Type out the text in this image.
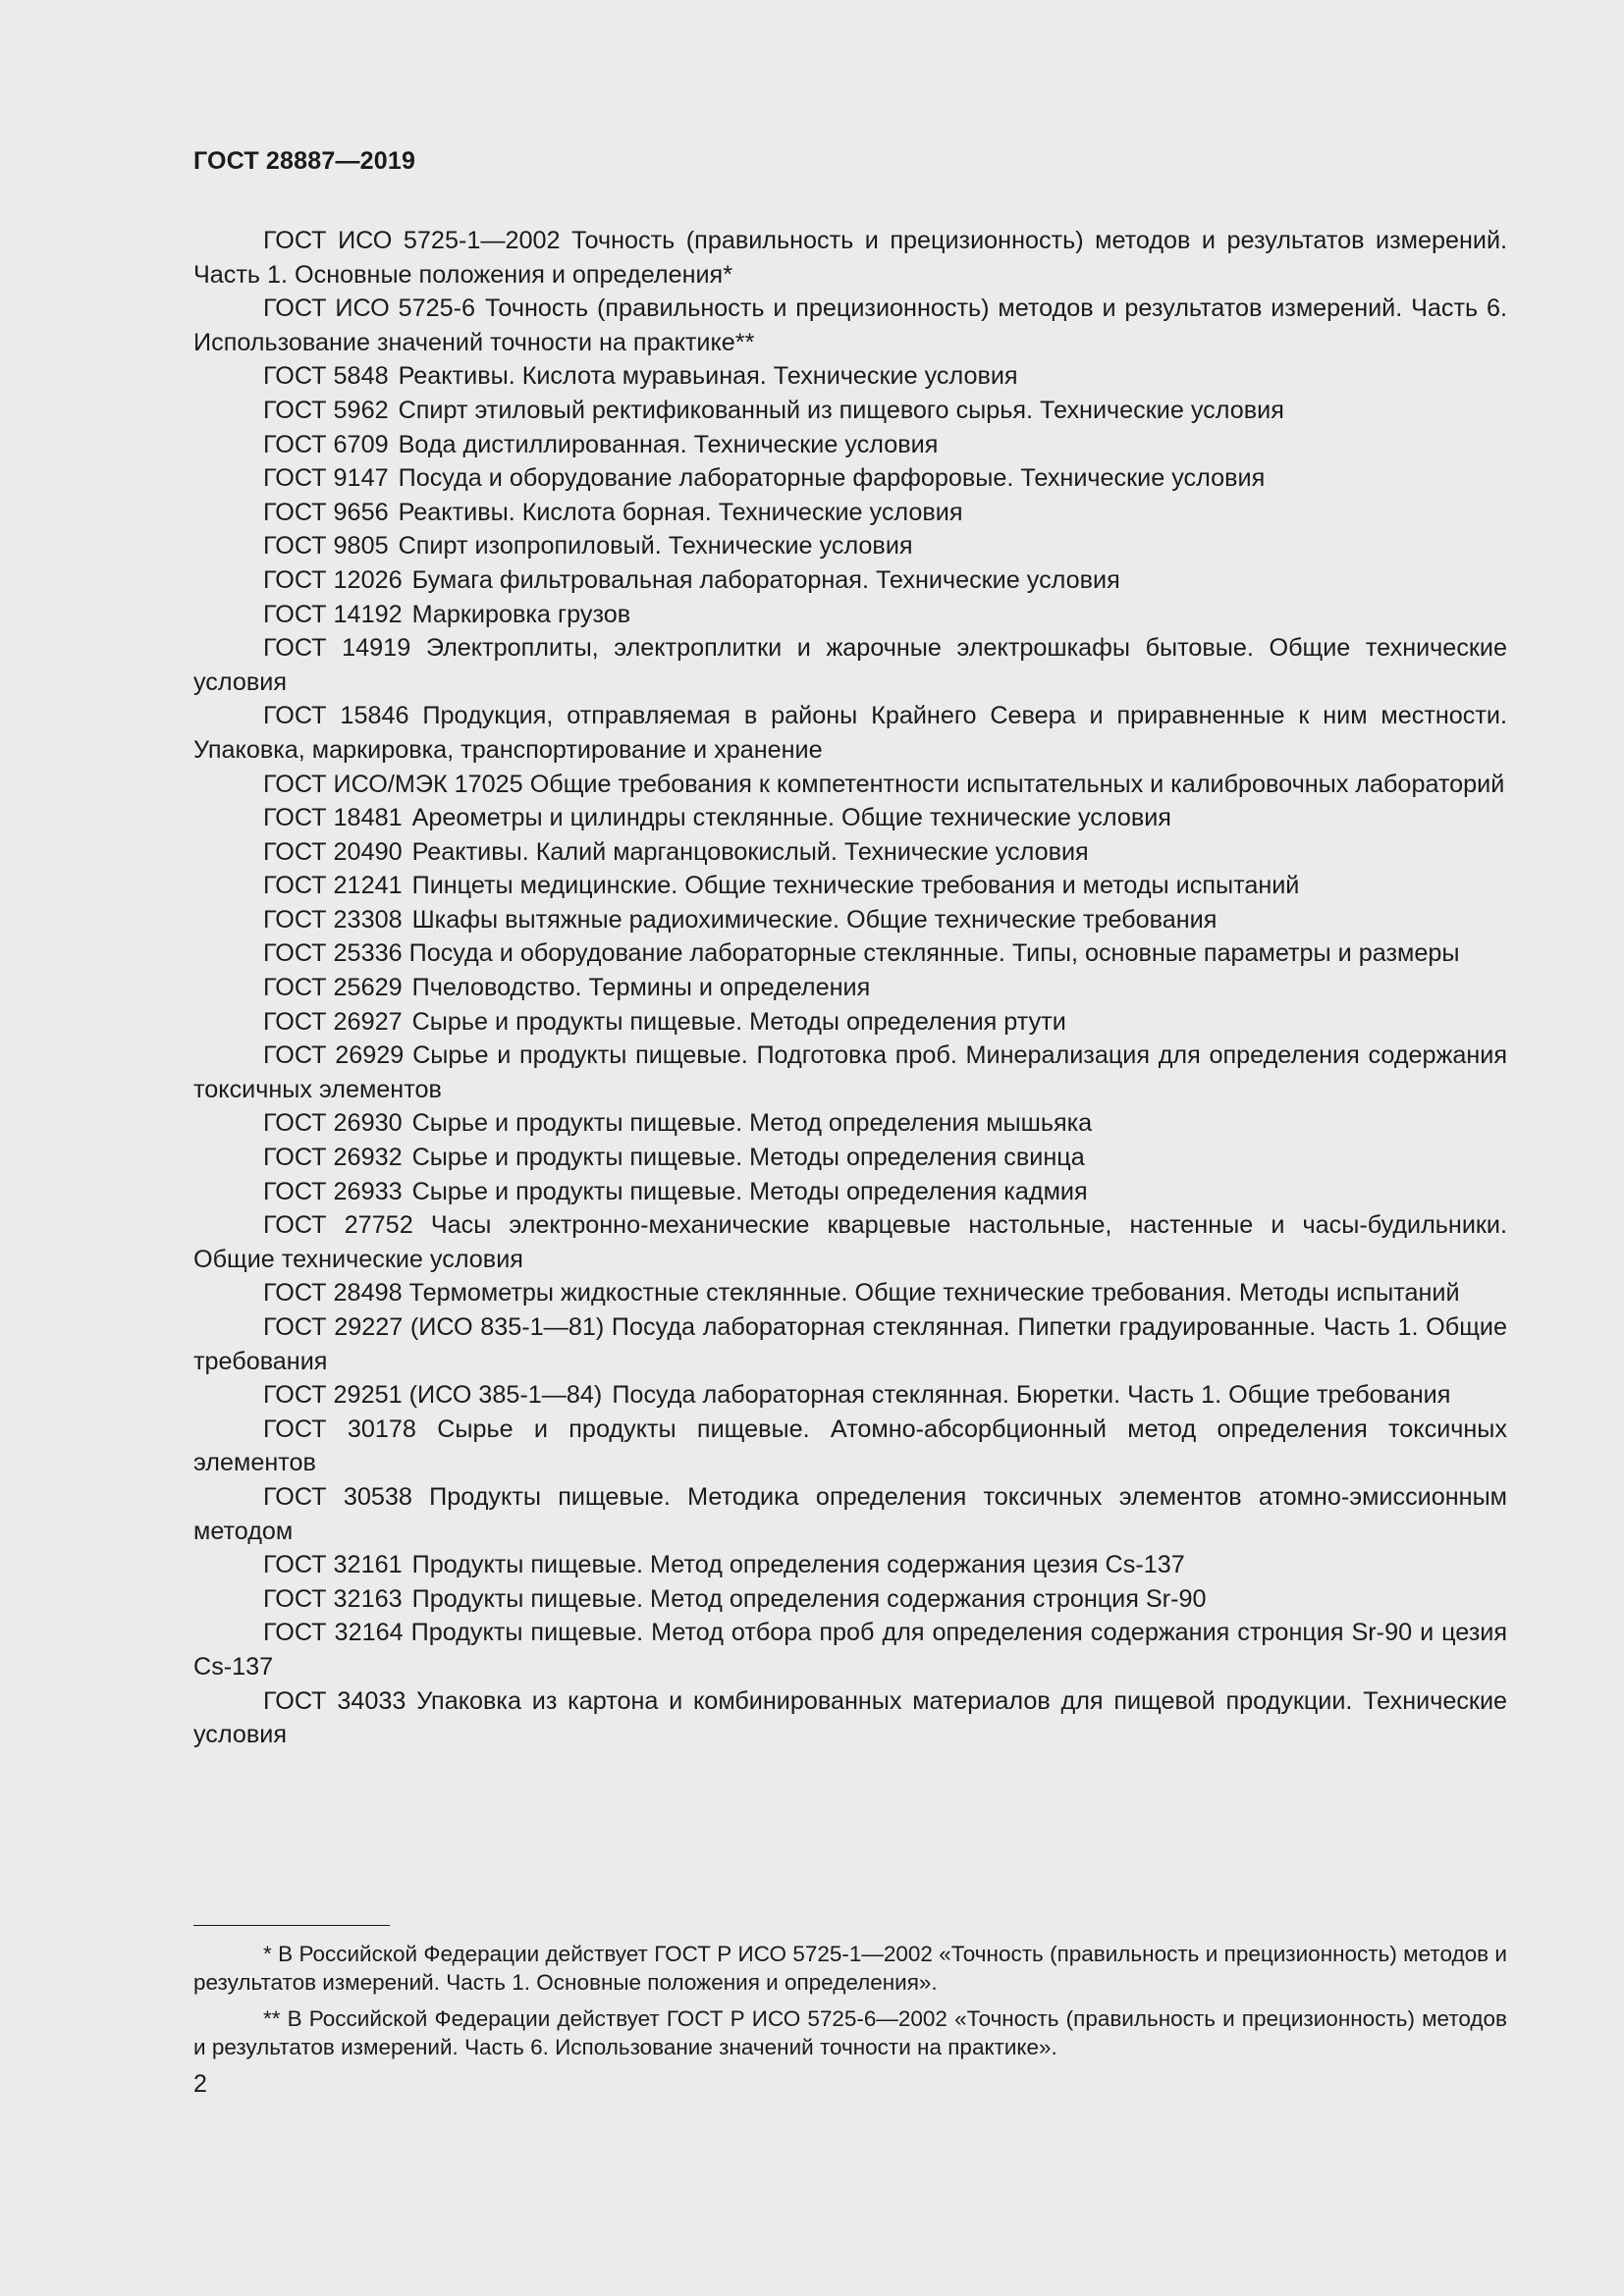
ГОСТ 28887—2019

ГОСТ ИСО 5725-1—2002 Точность (правильность и прецизионность) методов и результатов измерений. Часть 1. Основные положения и определения*

ГОСТ ИСО 5725-6 Точность (правильность и прецизионность) методов и результатов измерений. Часть 6. Использование значений точности на практике**

ГОСТ 5848 Реактивы. Кислота муравьиная. Технические условия

ГОСТ 5962 Спирт этиловый ректификованный из пищевого сырья. Технические условия

ГОСТ 6709 Вода дистиллированная. Технические условия

ГОСТ 9147 Посуда и оборудование лабораторные фарфоровые. Технические условия

ГОСТ 9656 Реактивы. Кислота борная. Технические условия

ГОСТ 9805 Спирт изопропиловый. Технические условия

ГОСТ 12026 Бумага фильтровальная лабораторная. Технические условия

ГОСТ 14192 Маркировка грузов

ГОСТ 14919 Электроплиты, электроплитки и жарочные электрошкафы бытовые. Общие технические условия

ГОСТ 15846 Продукция, отправляемая в районы Крайнего Севера и приравненные к ним местности. Упаковка, маркировка, транспортирование и хранение

ГОСТ ИСО/МЭК 17025 Общие требования к компетентности испытательных и калибровочных лабораторий

ГОСТ 18481 Ареометры и цилиндры стеклянные. Общие технические условия

ГОСТ 20490 Реактивы. Калий марганцовокислый. Технические условия

ГОСТ 21241 Пинцеты медицинские. Общие технические требования и методы испытаний

ГОСТ 23308 Шкафы вытяжные радиохимические. Общие технические требования

ГОСТ 25336 Посуда и оборудование лабораторные стеклянные. Типы, основные параметры и размеры

ГОСТ 25629 Пчеловодство. Термины и определения

ГОСТ 26927 Сырье и продукты пищевые. Методы определения ртути

ГОСТ 26929 Сырье и продукты пищевые. Подготовка проб. Минерализация для определения содержания токсичных элементов

ГОСТ 26930 Сырье и продукты пищевые. Метод определения мышьяка

ГОСТ 26932 Сырье и продукты пищевые. Методы определения свинца

ГОСТ 26933 Сырье и продукты пищевые. Методы определения кадмия

ГОСТ 27752 Часы электронно-механические кварцевые настольные, настенные и часы-будильники. Общие технические условия

ГОСТ 28498 Термометры жидкостные стеклянные. Общие технические требования. Методы испытаний

ГОСТ 29227 (ИСО 835-1—81) Посуда лабораторная стеклянная. Пипетки градуированные. Часть 1. Общие требования

ГОСТ 29251 (ИСО 385-1—84) Посуда лабораторная стеклянная. Бюретки. Часть 1. Общие требования

ГОСТ 30178 Сырье и продукты пищевые. Атомно-абсорбционный метод определения токсичных элементов

ГОСТ 30538 Продукты пищевые. Методика определения токсичных элементов атомно-эмиссионным методом

ГОСТ 32161 Продукты пищевые. Метод определения содержания цезия Cs-137

ГОСТ 32163 Продукты пищевые. Метод определения содержания стронция Sr-90

ГОСТ 32164 Продукты пищевые. Метод отбора проб для определения содержания стронция Sr-90 и цезия Cs-137

ГОСТ 34033 Упаковка из картона и комбинированных материалов для пищевой продукции. Технические условия

* В Российской Федерации действует ГОСТ Р ИСО 5725-1—2002 «Точность (правильность и прецизионность) методов и результатов измерений. Часть 1. Основные положения и определения».

** В Российской Федерации действует ГОСТ Р ИСО 5725-6—2002 «Точность (правильность и прецизионность) методов и результатов измерений. Часть 6. Использование значений точности на практике».

2
